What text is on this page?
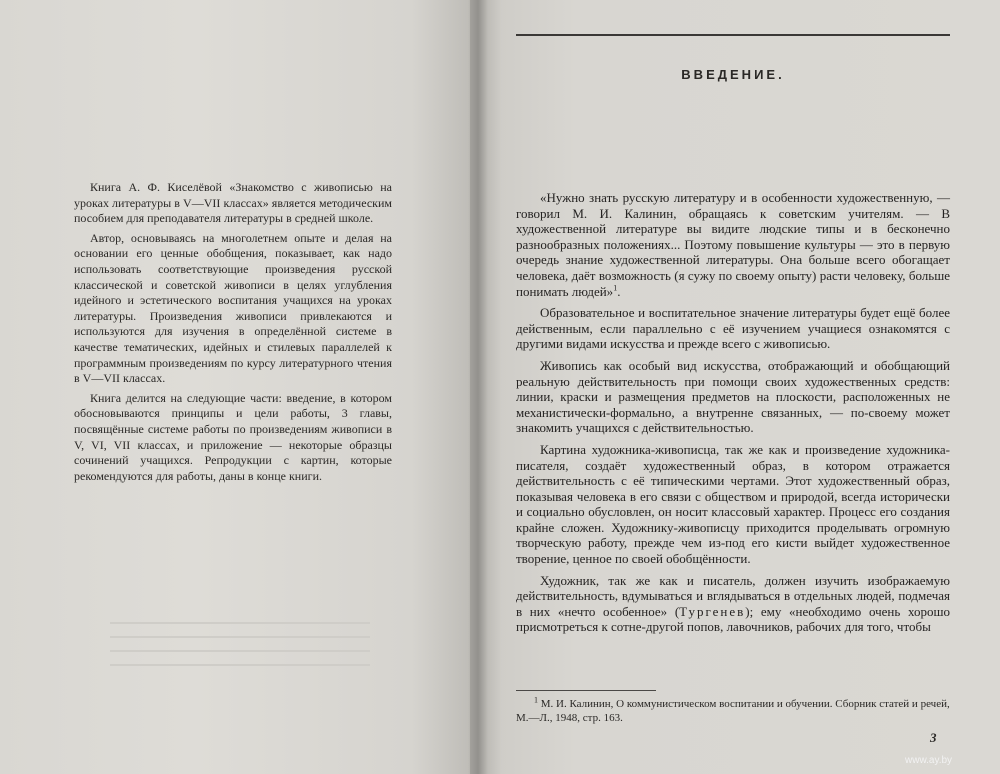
Книга А. Ф. Киселёвой «Знакомство с живописью на уроках литературы в V—VII классах» является методическим пособием для преподавателя литературы в средней школе.

Автор, основываясь на многолетнем опыте и делая на основании его ценные обобщения, показывает, как надо использовать соответствующие произведения русской классической и советской живописи в целях углубления идейного и эстетического воспитания учащихся на уроках литературы. Произведения живописи привлекаются и используются для изучения в определённой системе в качестве тематических, идейных и стилевых параллелей к программным произведениям по курсу литературного чтения в V—VII классах.

Книга делится на следующие части: введение, в котором обосновываются принципы и цели работы, 3 главы, посвящённые системе работы по произведениям живописи в V, VI, VII классах, и приложение — некоторые образцы сочинений учащихся. Репродукции с картин, которые рекомендуются для работы, даны в конце книги.

ВВЕДЕНИЕ.

«Нужно знать русскую литературу и в особенности художественную, — говорил М. И. Калинин, обращаясь к советским учителям. — В художественной литературе вы видите людские типы и в бесконечно разнообразных положениях... Поэтому повышение культуры — это в первую очередь знание художественной литературы. Она больше всего обогащает человека, даёт возможность (я сужу по своему опыту) расти человеку, больше понимать людей»$^1$.

Образовательное и воспитательное значение литературы будет ещё более действенным, если параллельно с её изучением учащиеся ознакомятся с другими видами искусства и прежде всего с живописью.

Живопись как особый вид искусства, отображающий и обобщающий реальную действительность при помощи своих художественных средств: линии, краски и размещения предметов на плоскости, расположенных не механистически-формально, а внутренне связанных, — по-своему может знакомить учащихся с действительностью.

Картина художника-живописца, так же как и произведение художника-писателя, создаёт художественный образ, в котором отражается действительность с её типическими чертами. Этот художественный образ, показывая человека в его связи с обществом и природой, всегда исторически и социально обусловлен, он носит классовый характер. Процесс его создания крайне сложен. Художнику-живописцу приходится проделывать огромную творческую работу, прежде чем из-под его кисти выйдет художественное творение, ценное по своей обобщённости.

Художник, так же как и писатель, должен изучить изображаемую действительность, вдумываться и вглядываться в отдельных людей, подмечая в них «нечто особенное» (Тургенев); ему «необходимо очень хорошо присмотреться к сотне-другой попов, лавочников, рабочих для того, чтобы

$^1$ М. И. Калинин, О коммунистическом воспитании и обучении. Сборник статей и речей, М.—Л., 1948, стр. 163.

3
www.ay.by
